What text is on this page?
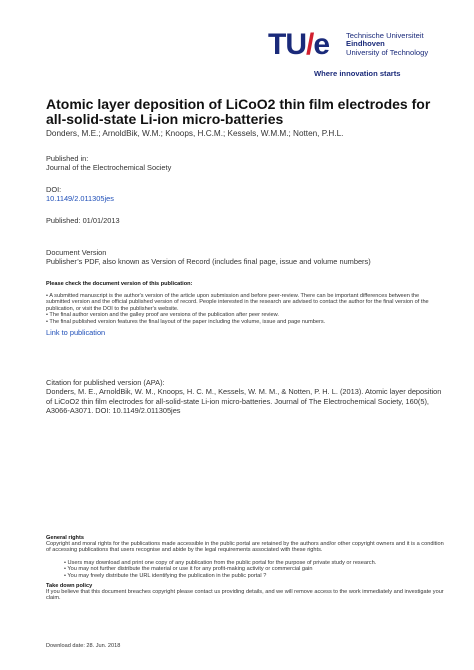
TU/e Technische Universiteit
Eindhoven
University of Technology
Where innovation starts
Atomic layer deposition of LiCoO2 thin film electrodes for all-solid-state Li-ion micro-batteries
Donders, M.E.; ArnoldBik, W.M.; Knoops, H.C.M.; Kessels, W.M.M.; Notten, P.H.L.
Published in:
Journal of the Electrochemical Society
DOI:
10.1149/2.011305jes
Published: 01/01/2013
Document Version
Publisher’s PDF, also known as Version of Record (includes final page, issue and volume numbers)
Please check the document version of this publication:
• A submitted manuscript is the author's version of the article upon submission and before peer-review. There can be important differences between the submitted version and the official published version of record. People interested in the research are advised to contact the author for the final version of the publication, or visit the DOI to the publisher's website.
• The final author version and the galley proof are versions of the publication after peer review.
• The final published version features the final layout of the paper including the volume, issue and page numbers.
Link to publication
Citation for published version (APA):
Donders, M. E., ArnoldBik, W. M., Knoops, H. C. M., Kessels, W. M. M., & Notten, P. H. L. (2013). Atomic layer deposition of LiCoO2 thin film electrodes for all-solid-state Li-ion micro-batteries. Journal of The Electrochemical Society, 160(5), A3066-A3071. DOI: 10.1149/2.011305jes
General rights
Copyright and moral rights for the publications made accessible in the public portal are retained by the authors and/or other copyright owners and it is a condition of accessing publications that users recognise and abide by the legal requirements associated with these rights.
• Users may download and print one copy of any publication from the public portal for the purpose of private study or research.
• You may not further distribute the material or use it for any profit-making activity or commercial gain
• You may freely distribute the URL identifying the publication in the public portal ?
Take down policy
If you believe that this document breaches copyright please contact us providing details, and we will remove access to the work immediately and investigate your claim.
Download date: 28. Jun. 2018
